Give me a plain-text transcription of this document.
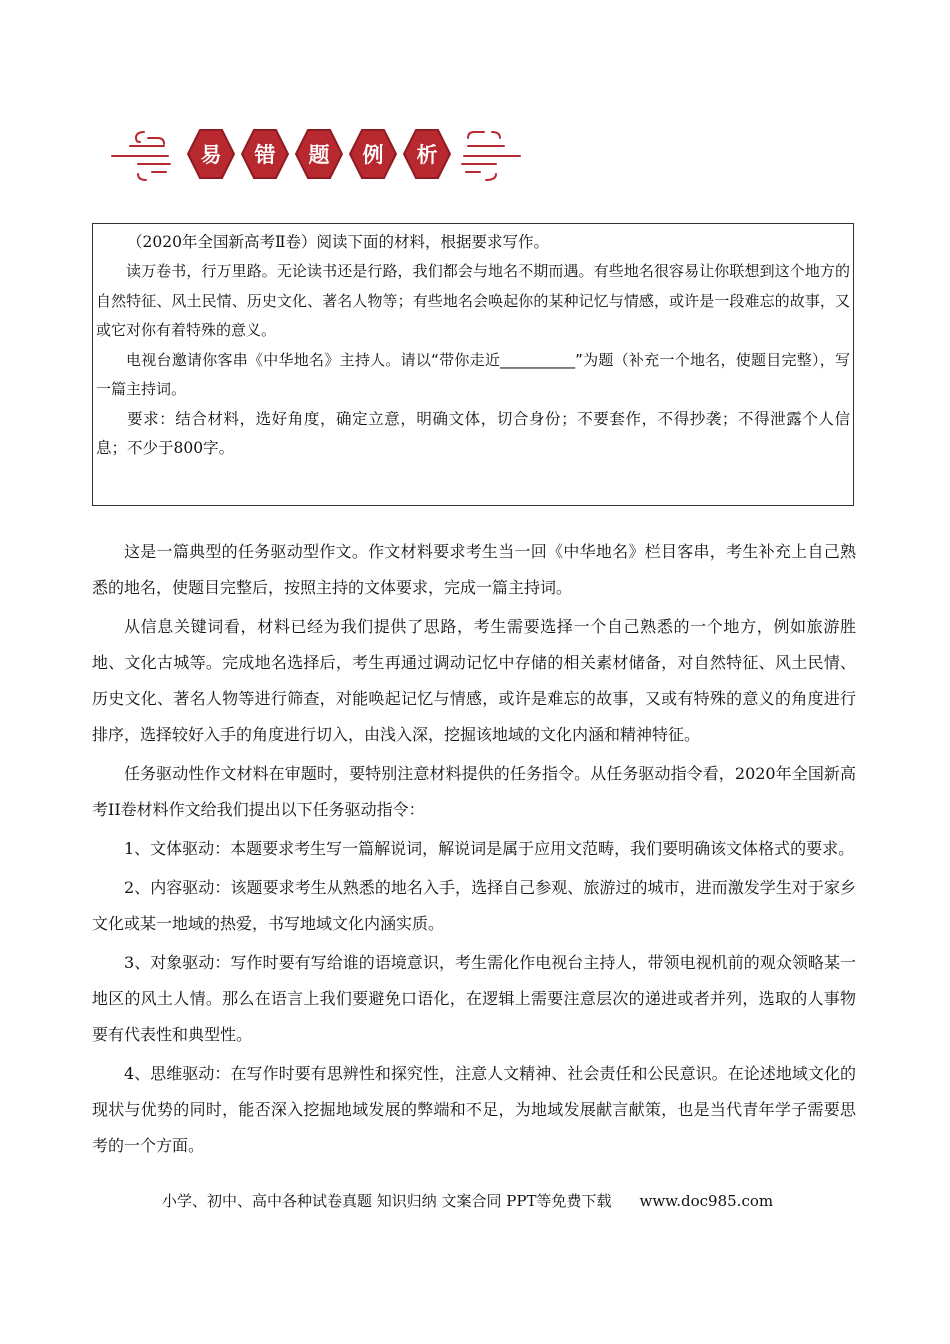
易 错 题 例 析

（2020年全国新高考Ⅱ卷）阅读下面的材料，根据要求写作。

读万卷书，行万里路。无论读书还是行路，我们都会与地名不期而遇。有些地名很容易让你联想到这个地方的自然特征、风土民情、历史文化、著名人物等；有些地名会唤起你的某种记忆与情感，或许是一段难忘的故事，又或它对你有着特殊的意义。

电视台邀请你客串《中华地名》主持人。请以“带你走近__________”为题（补充一个地名，使题目完整），写一篇主持词。

要求：结合材料，选好角度，确定立意，明确文体，切合身份；不要套作，不得抄袭；不得泄露个人信息；不少于800字。

这是一篇典型的任务驱动型作文。作文材料要求考生当一回《中华地名》栏目客串，考生补充上自己熟悉的地名，使题目完整后，按照主持的文体要求，完成一篇主持词。

从信息关键词看，材料已经为我们提供了思路，考生需要选择一个自己熟悉的一个地方，例如旅游胜地、文化古城等。完成地名选择后，考生再通过调动记忆中存储的相关素材储备，对自然特征、风土民情、历史文化、著名人物等进行筛查，对能唤起记忆与情感，或许是难忘的故事，又或有特殊的意义的角度进行排序，选择较好入手的角度进行切入，由浅入深，挖掘该地域的文化内涵和精神特征。

任务驱动性作文材料在审题时，要特别注意材料提供的任务指令。从任务驱动指令看，2020年全国新高考II卷材料作文给我们提出以下任务驱动指令：

1、文体驱动：本题要求考生写一篇解说词，解说词是属于应用文范畴，我们要明确该文体格式的要求。

2、内容驱动：该题要求考生从熟悉的地名入手，选择自己参观、旅游过的城市，进而激发学生对于家乡文化或某一地域的热爱，书写地域文化内涵实质。

3、对象驱动：写作时要有写给谁的语境意识，考生需化作电视台主持人，带领电视机前的观众领略某一地区的风土人情。那么在语言上我们要避免口语化，在逻辑上需要注意层次的递进或者并列，选取的人事物要有代表性和典型性。

4、思维驱动：在写作时要有思辨性和探究性，注意人文精神、社会责任和公民意识。在论述地域文化的现状与优势的同时，能否深入挖掘地域发展的弊端和不足，为地域发展献言献策，也是当代青年学子需要思考的一个方面。

小学、初中、高中各种试卷真题 知识归纳 文案合同 PPT等免费下载 www.doc985.com
